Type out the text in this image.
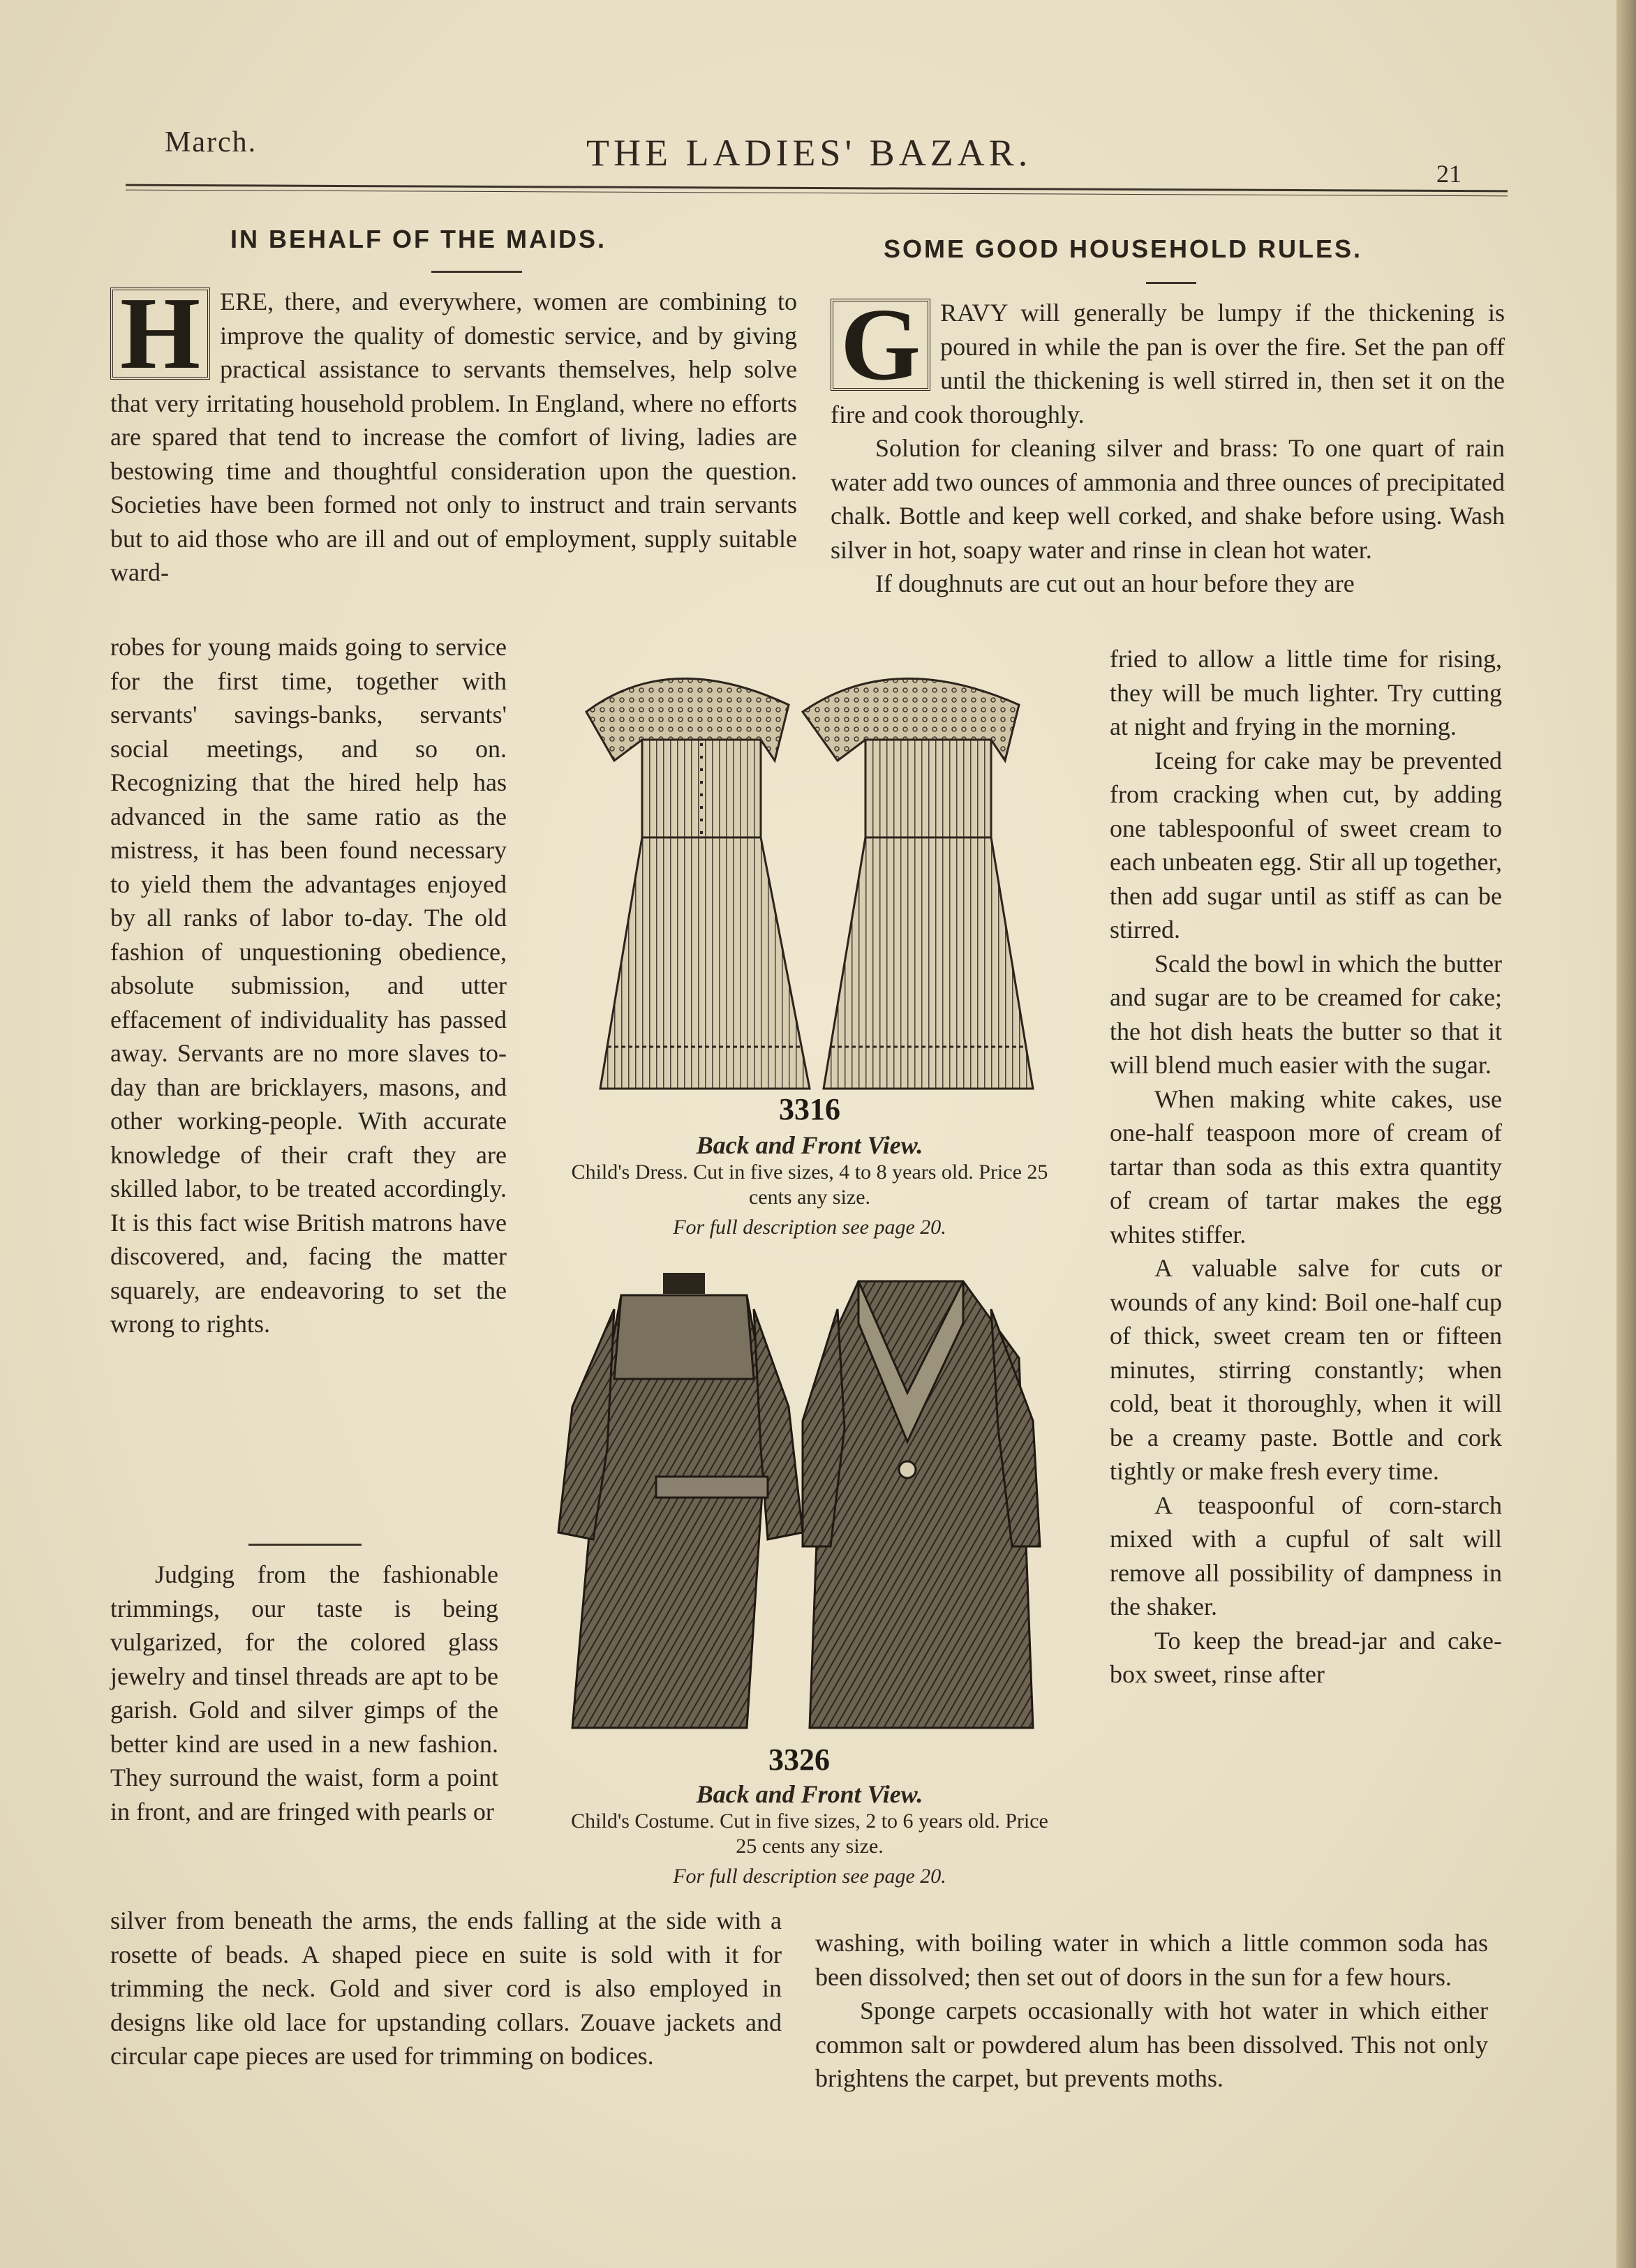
March.	THE LADIES' BAZAR.	21
IN BEHALF OF THE MAIDS.
H ERE, there, and everywhere, women are combining to improve the quality of domestic service, and by giving practical assistance to servants themselves, help solve that very irritating household problem. In England, where no efforts are spared that tend to increase the comfort of living, ladies are bestowing time and thoughtful consideration upon the question. Societies have been formed not only to instruct and train servants but to aid those who are ill and out of employment, supply suitable ward-

robes for young maids going to service for the first time, together with servants' savings-banks, servants' social meetings, and so on. Recognizing that the hired help has advanced in the same ratio as the mistress, it has been found necessary to yield them the advantages enjoyed by all ranks of labor to-day. The old fashion of unquestioning obedience, absolute submission, and utter effacement of individuality has passed away. Servants are no more slaves to-day than are bricklayers, masons, and other working-people. With accurate knowledge of their craft they are skilled labor, to be treated accordingly. It is this fact wise British matrons have discovered, and, facing the matter squarely, are endeavoring to set the wrong to rights.

Judging from the fashionable trimmings, our taste is being vulgarized, for the colored glass jewelry and tinsel threads are apt to be garish. Gold and silver gimps of the better kind are used in a new fashion. They surround the waist, form a point in front, and are fringed with pearls or

silver from beneath the arms, the ends falling at the side with a rosette of beads. A shaped piece en suite is sold with it for trimming the neck. Gold and siver cord is also employed in designs like old lace for upstanding collars. Zouave jackets and circular cape pieces are used for trimming on bodices.

SOME GOOD HOUSEHOLD RULES.
G RAVY will generally be lumpy if the thickening is poured in while the pan is over the fire. Set the pan off until the thickening is well stirred in, then set it on the fire and cook thoroughly.

Solution for cleaning silver and brass: To one quart of rain water add two ounces of ammonia and three ounces of precipitated chalk. Bottle and keep well corked, and shake before using. Wash silver in hot, soapy water and rinse in clean hot water.

If doughnuts are cut out an hour before they are

fried to allow a little time for rising, they will be much lighter. Try cutting at night and frying in the morning.

Iceing for cake may be prevented from cracking when cut, by adding one tablespoonful of sweet cream to each unbeaten egg. Stir all up together, then add sugar until as stiff as can be stirred.

Scald the bowl in which the butter and sugar are to be creamed for cake; the hot dish heats the butter so that it will blend much easier with the sugar.

When making white cakes, use one-half teaspoon more of cream of tartar than soda as this extra quantity of cream of tartar makes the egg whites stiffer.

A valuable salve for cuts or wounds of any kind: Boil one-half cup of thick, sweet cream ten or fifteen minutes, stirring constantly; when cold, beat it thoroughly, when it will be a creamy paste. Bottle and cork tightly or make fresh every time.

A teaspoonful of corn-starch mixed with a cupful of salt will remove all possibility of dampness in the shaker.

To keep the bread-jar and cake-box sweet, rinse after

washing, with boiling water in which a little common soda has been dissolved; then set out of doors in the sun for a few hours.

Sponge carpets occasionally with hot water in which either common salt or powdered alum has been dissolved. This not only brightens the carpet, but prevents moths.

3316
Back and Front View.
Child's Dress. Cut in five sizes, 4 to 8 years old. Price 25 cents any size.
For full description see page 20.
3326
Back and Front View.
Child's Costume. Cut in five sizes, 2 to 6 years old. Price 25 cents any size.
For full description see page 20.
